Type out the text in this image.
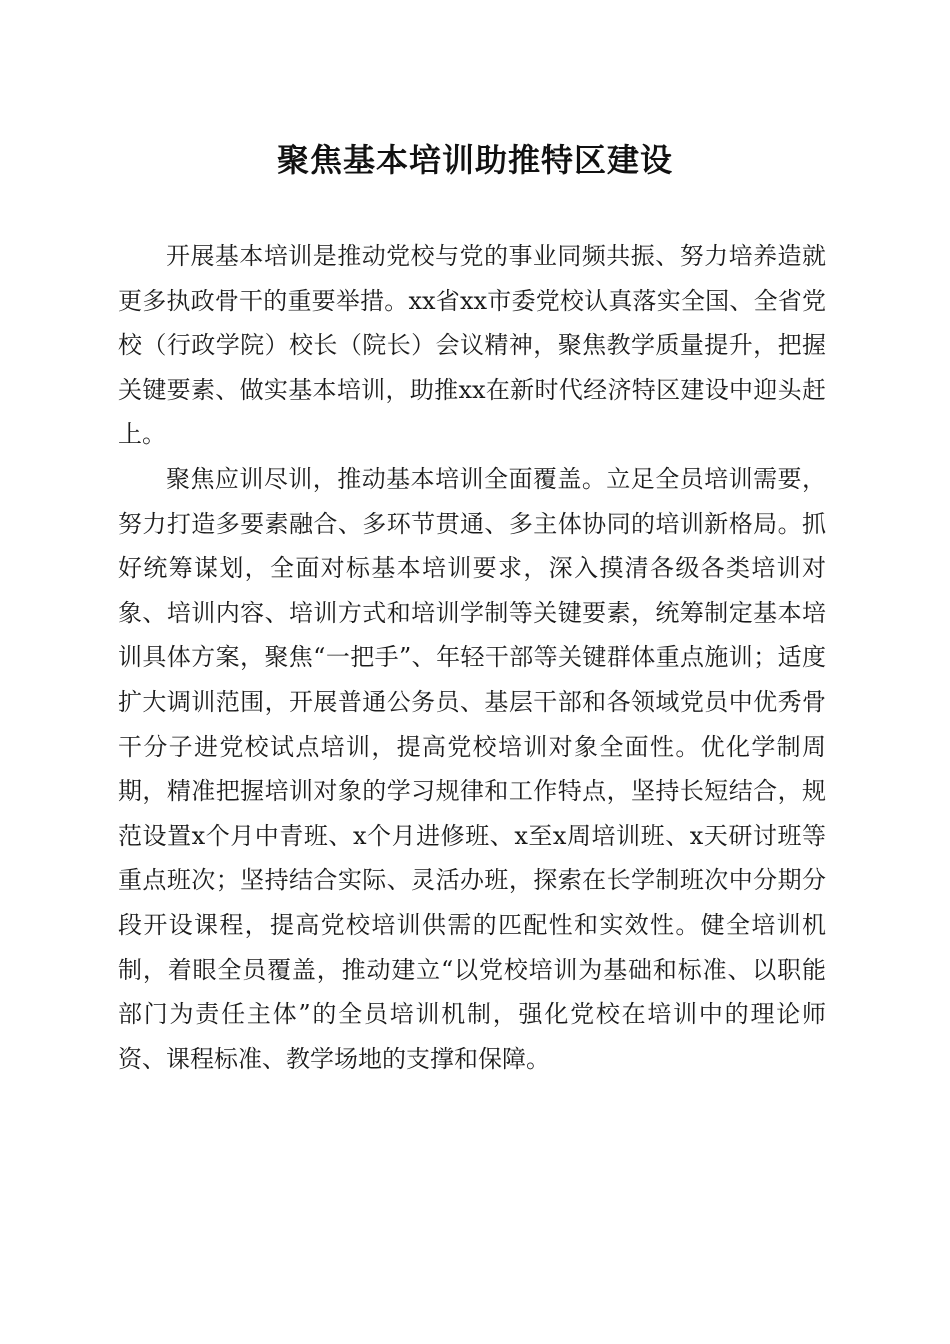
聚焦基本培训助推特区建设

开展基本培训是推动党校与党的事业同频共振、努力培养造就更多执政骨干的重要举措。xx省xx市委党校认真落实全国、全省党校（行政学院）校长（院长）会议精神，聚焦教学质量提升，把握关键要素、做实基本培训，助推xx在新时代经济特区建设中迎头赶上。

聚焦应训尽训，推动基本培训全面覆盖。立足全员培训需要，努力打造多要素融合、多环节贯通、多主体协同的培训新格局。抓好统筹谋划，全面对标基本培训要求，深入摸清各级各类培训对象、培训内容、培训方式和培训学制等关键要素，统筹制定基本培训具体方案，聚焦“一把手”、年轻干部等关键群体重点施训；适度扩大调训范围，开展普通公务员、基层干部和各领域党员中优秀骨干分子进党校试点培训，提高党校培训对象全面性。优化学制周期，精准把握培训对象的学习规律和工作特点，坚持长短结合，规范设置x个月中青班、x个月进修班、x至x周培训班、x天研讨班等重点班次；坚持结合实际、灵活办班，探索在长学制班次中分期分段开设课程，提高党校培训供需的匹配性和实效性。健全培训机制，着眼全员覆盖，推动建立“以党校培训为基础和标准、以职能部门为责任主体”的全员培训机制，强化党校在培训中的理论师资、课程标准、教学场地的支撑和保障。
